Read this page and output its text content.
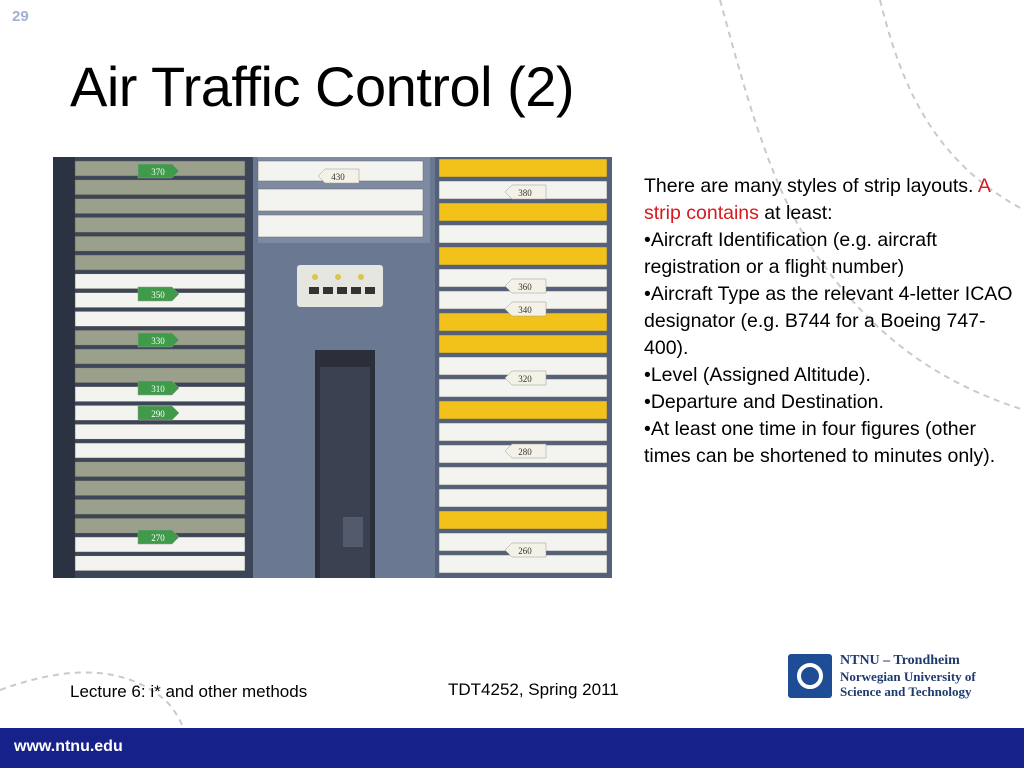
29
Air Traffic Control (2)
370
350
330
310
290
270
430
380
360
340
320
280
260

There are many styles of strip layouts. A strip contains at least:

•Aircraft Identification (e.g. aircraft registration or a flight number)

•Aircraft Type as the relevant 4-letter ICAO designator (e.g. B744 for a Boeing 747-400).

•Level (Assigned Altitude).

•Departure and Destination.

•At least one time in four figures (other times can be shortened to minutes only).

Lecture 6: i* and other methods	TDT4252, Spring 2011
NTNU – Trondheim
Norwegian University of
Science and Technology
www.ntnu.edu
